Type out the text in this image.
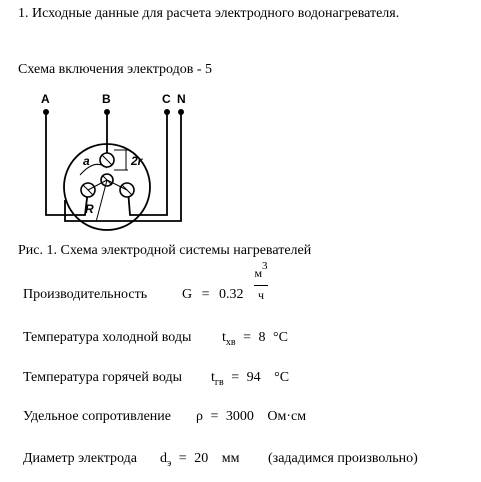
1. Исходные данные для расчета электродного водонагревателя.
Схема включения электродов - 5
A	B	C N
a	2r
R
Рис. 1. Схема электродной системы нагревателей
Производительность G = 0.32
м3
ч
Температура холодной воды $t_{хв} = 8$ °C
Температура горячей воды $t_{гв} = 94$ °C
Удельное сопротивление ρ = 3000 Ом·см
Диаметр электрода $d_э = 20$ мм (зададимся произвольно)
